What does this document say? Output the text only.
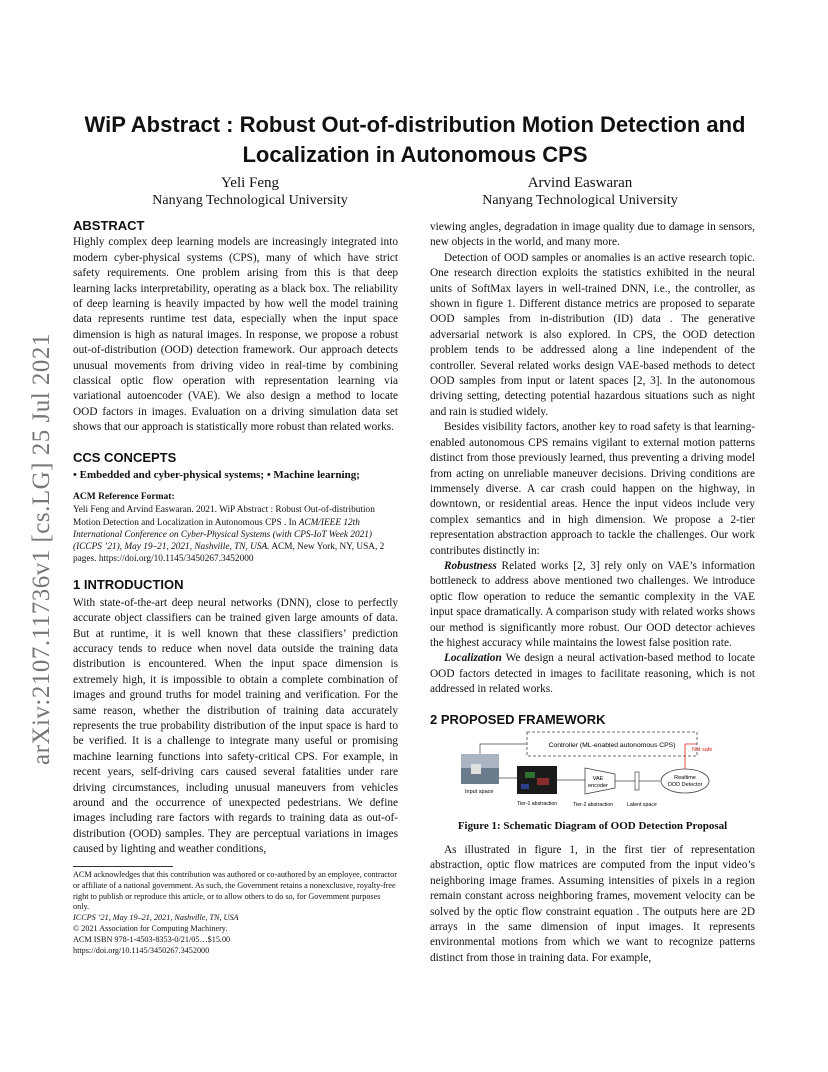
arXiv:2107.11736v1 [cs.LG] 25 Jul 2021
WiP Abstract : Robust Out-of-distribution Motion Detection and Localization in Autonomous CPS
Yeli Feng
Nanyang Technological University
Arvind Easwaran
Nanyang Technological University
ABSTRACT

Highly complex deep learning models are increasingly integrated into modern cyber-physical systems (CPS), many of which have strict safety requirements. One problem arising from this is that deep learning lacks interpretability, operating as a black box. The reliability of deep learning is heavily impacted by how well the model training data represents runtime test data, especially when the input space dimension is high as natural images. In response, we propose a robust out-of-distribution (OOD) detection framework. Our approach detects unusual movements from driving video in real-time by combining classical optic flow operation with representation learning via variational autoencoder (VAE). We also design a method to locate OOD factors in images. Evaluation on a driving simulation data set shows that our approach is statistically more robust than related works.

CCS CONCEPTS

• Embedded and cyber-physical systems; • Machine learning;

ACM Reference Format:

Yeli Feng and Arvind Easwaran. 2021. WiP Abstract : Robust Out-of-distribution Motion Detection and Localization in Autonomous CPS . In ACM/IEEE 12th International Conference on Cyber-Physical Systems (with CPS-IoT Week 2021) (ICCPS ’21), May 19–21, 2021, Nashville, TN, USA. ACM, New York, NY, USA, 2 pages. https://doi.org/10.1145/3450267.3452000

1 INTRODUCTION

With state-of-the-art deep neural networks (DNN), close to perfectly accurate object classifiers can be trained given large amounts of data. But at runtime, it is well known that these classifiers’ prediction accuracy tends to reduce when novel data outside the training data distribution is encountered. When the input space dimension is extremely high, it is impossible to obtain a complete combination of images and ground truths for model training and verification. For the same reason, whether the distribution of training data accurately represents the true probability distribution of the input space is hard to be verified. It is a challenge to integrate many useful or promising machine learning functions into safety-critical CPS. For example, in recent years, self-driving cars caused several fatalities under rare driving circumstances, including unusual maneuvers from vehicles around and the occurrence of unexpected pedestrians. We define images including rare factors with regards to training data as out-of-distribution (OOD) samples. They are perceptual variations in images caused by lighting and weather conditions,

ACM acknowledges that this contribution was authored or co-authored by an employee, contractor or affiliate of a national government. As such, the Government retains a nonexclusive, royalty-free right to publish or reproduce this article, or to allow others to do so, for Government purposes only.
ICCPS ’21, May 19–21, 2021, Nashville, TN, USA
© 2021 Association for Computing Machinery.
ACM ISBN 978-1-4503-8353-0/21/05…$15.00
https://doi.org/10.1145/3450267.3452000

viewing angles, degradation in image quality due to damage in sensors, new objects in the world, and many more.

Detection of OOD samples or anomalies is an active research topic. One research direction exploits the statistics exhibited in the neural units of SoftMax layers in well-trained DNN, i.e., the controller, as shown in figure 1. Different distance metrics are proposed to separate OOD samples from in-distribution (ID) data . The generative adversarial network is also explored. In CPS, the OOD detection problem tends to be addressed along a line independent of the controller. Several related works design VAE-based methods to detect OOD samples from input or latent spaces [2, 3]. In the autonomous driving setting, detecting potential hazardous situations such as night and rain is studied widely.

Besides visibility factors, another key to road safety is that learning-enabled autonomous CPS remains vigilant to external motion patterns distinct from those previously learned, thus preventing a driving model from acting on unreliable maneuver decisions. Driving conditions are immensely diverse. A car crash could happen on the highway, in downtown, or residential areas. Hence the input videos include very complex semantics and in high dimension. We propose a 2-tier representation abstraction approach to tackle the challenges. Our work contributes distinctly in:

Robustness Related works [2, 3] rely only on VAE’s information bottleneck to address above mentioned two challenges. We introduce optic flow operation to reduce the semantic complexity in the VAE input space dramatically. A comparison study with related works shows our method is significantly more robust. Our OOD detector achieves the highest accuracy while maintains the lowest false position rate.

Localization We design a neural activation-based method to locate OOD factors detected in images to facilitate reasoning, which is not addressed in related works.

2 PROPOSED FRAMEWORK
Controller (ML-enabled autonomous CPS)
Not safe
Input space
Tier-1 abstraction
VAE
encoder
Tier-2 abstraction	Latent space
Realtime
OOD Detector
Figure 1: Schematic Diagram of OOD Detection Proposal

As illustrated in figure 1, in the first tier of representation abstraction, optic flow matrices are computed from the input video’s neighboring image frames. Assuming intensities of pixels in a region remain constant across neighboring frames, movement velocity can be solved by the optic flow constraint equation . The outputs here are 2D arrays in the same dimension of input images. It represents environmental motions from which we want to recognize patterns distinct from those in training data. For example,
